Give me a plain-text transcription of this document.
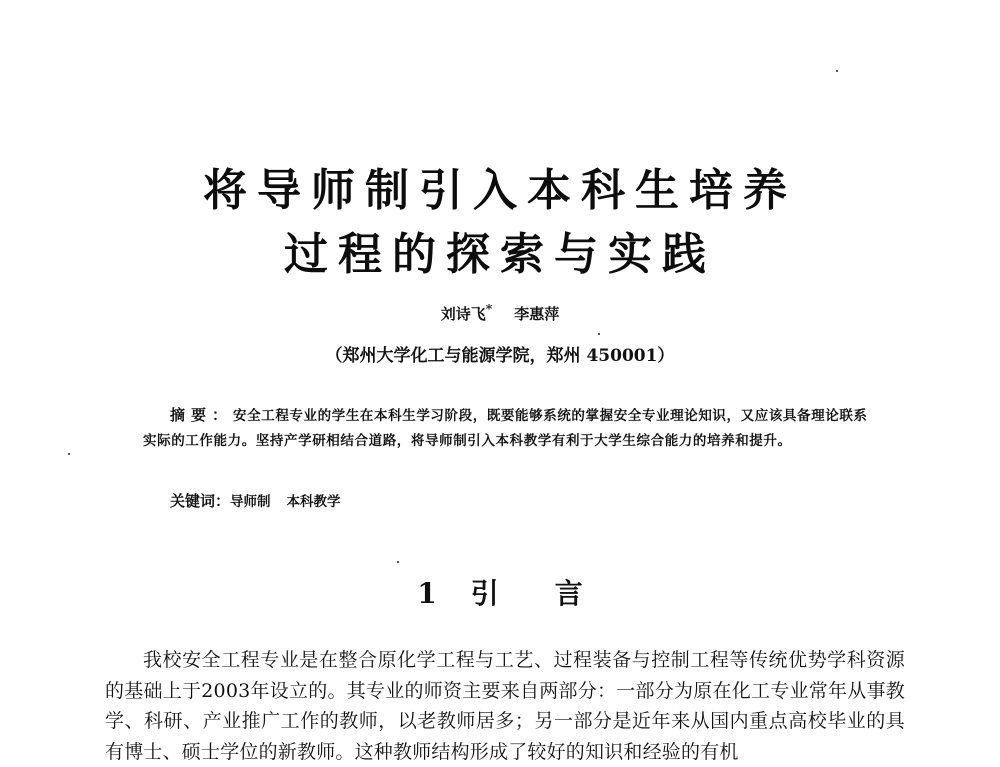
将导师制引入本科生培养
过程的探索与实践
刘诗飞* 李惠萍
（郑州大学化工与能源学院，郑州 450001）
摘要：安全工程专业的学生在本科生学习阶段，既要能够系统的掌握安全专业理论知识，又应该具备理论联系实际的工作能力。坚持产学研相结合道路，将导师制引入本科教学有利于大学生综合能力的培养和提升。
关键词：导师制 本科教学
1 引 言
我校安全工程专业是在整合原化学工程与工艺、过程装备与控制工程等传统优势学科资源的基础上于2003年设立的。其专业的师资主要来自两部分：一部分为原在化工专业常年从事教学、科研、产业推广工作的教师，以老教师居多；另一部分是近年来从国内重点高校毕业的具有博士、硕士学位的新教师。这种教师结构形成了较好的知识和经验的有机
